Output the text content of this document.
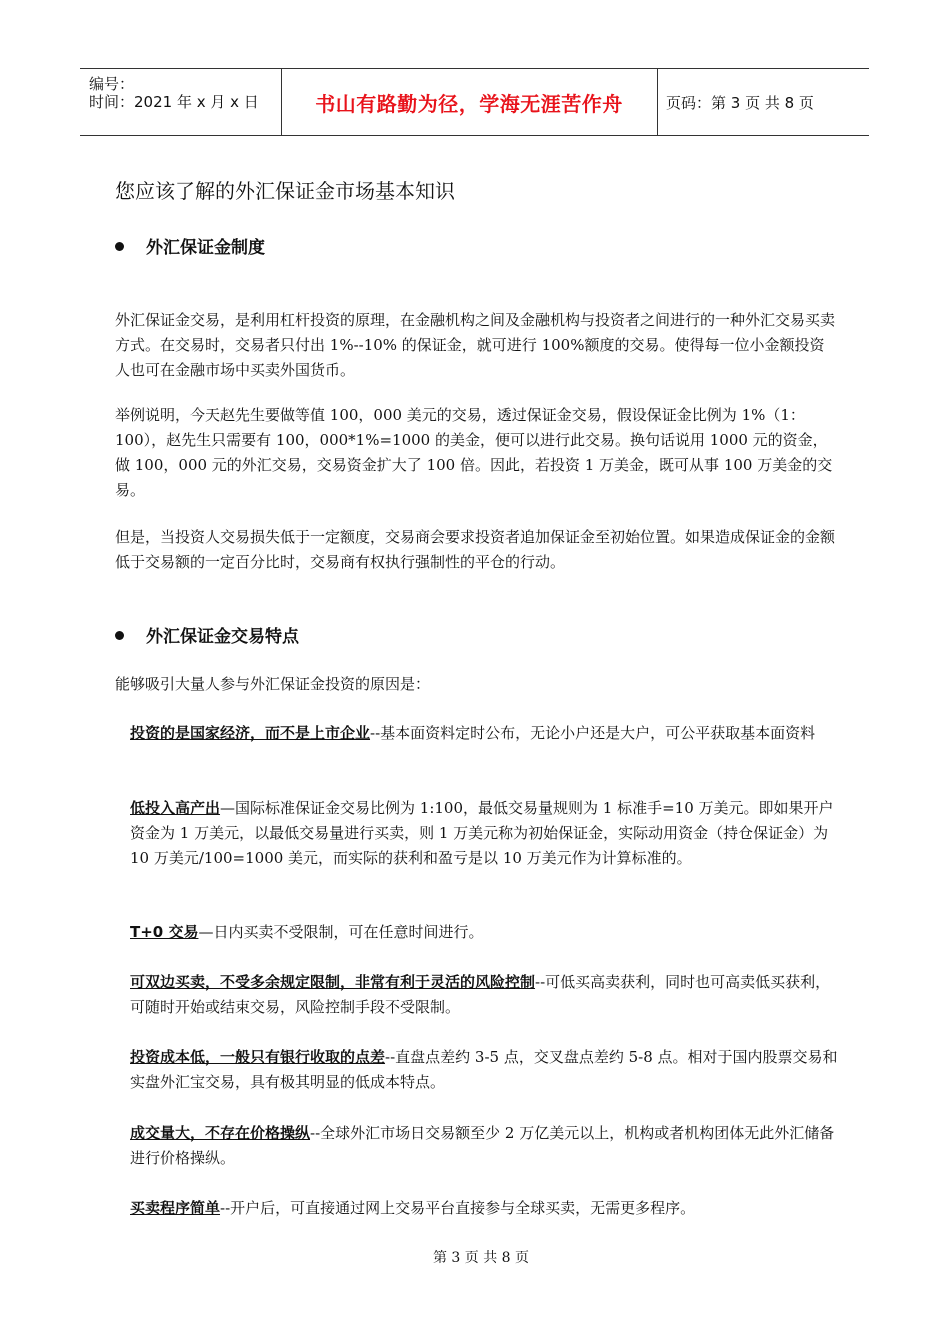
编号：
时间：2021 年 x 月 x 日	书山有路勤为径，学海无涯苦作舟	页码：第 3 页 共 8 页
您应该了解的外汇保证金市场基本知识
外汇保证金制度
外汇保证金交易，是利用杠杆投资的原理，在金融机构之间及金融机构与投资者之间进行的一种外汇交易买卖方式。在交易时，交易者只付出 1%--10% 的保证金，就可进行 100%额度的交易。使得每一位小金额投资人也可在金融市场中买卖外国货币。
举例说明，今天赵先生要做等值 100，000 美元的交易，透过保证金交易，假设保证金比例为 1%（1：100），赵先生只需要有 100，000*1%=1000 的美金，便可以进行此交易。换句话说用 1000 元的资金，做 100，000 元的外汇交易，交易资金扩大了 100 倍。因此，若投资 1 万美金，既可从事 100 万美金的交易。
但是，当投资人交易损失低于一定额度，交易商会要求投资者追加保证金至初始位置。如果造成保证金的金额低于交易额的一定百分比时，交易商有权执行强制性的平仓的行动。
外汇保证金交易特点
能够吸引大量人参与外汇保证金投资的原因是：
投资的是国家经济，而不是上市企业--基本面资料定时公布，无论小户还是大户，可公平获取基本面资料
低投入高产出—国际标准保证金交易比例为 1:100，最低交易量规则为 1 标准手=10 万美元。即如果开户资金为 1 万美元，以最低交易量进行买卖，则 1 万美元称为初始保证金，实际动用资金（持仓保证金）为 10 万美元/100=1000 美元，而实际的获利和盈亏是以 10 万美元作为计算标准的。
T+0 交易—日内买卖不受限制，可在任意时间进行。
可双边买卖，不受多余规定限制，非常有利于灵活的风险控制--可低买高卖获利，同时也可高卖低买获利，可随时开始或结束交易，风险控制手段不受限制。
投资成本低，一般只有银行收取的点差--直盘点差约 3-5 点，交叉盘点差约 5-8 点。相对于国内股票交易和实盘外汇宝交易，具有极其明显的低成本特点。
成交量大，不存在价格操纵--全球外汇市场日交易额至少 2 万亿美元以上，机构或者机构团体无此外汇储备进行价格操纵。
买卖程序简单--开户后，可直接通过网上交易平台直接参与全球买卖，无需更多程序。
第 3 页 共 8 页
